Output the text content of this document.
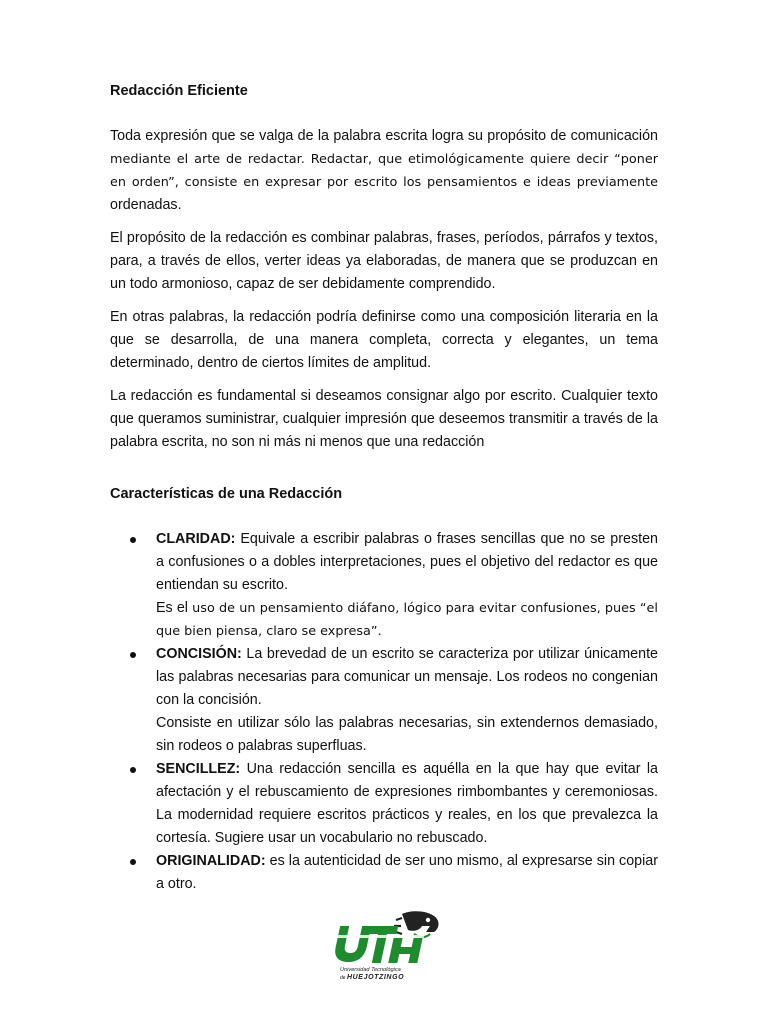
Redacción Eficiente

Toda expresión que se valga de la palabra escrita logra su propósito de comunicación mediante el arte de redactar. Redactar, que etimológicamente quiere decir “poner en orden”, consiste en expresar por escrito los pensamientos e ideas previamente ordenadas.

El propósito de la redacción es combinar palabras, frases, períodos, párrafos y textos, para, a través de ellos, verter ideas ya elaboradas, de manera que se produzcan en un todo armonioso, capaz de ser debidamente comprendido.

En otras palabras, la redacción podría definirse como una composición literaria en la que se desarrolla, de una manera completa, correcta y elegantes, un tema determinado, dentro de ciertos límites de amplitud.

La redacción es fundamental si deseamos consignar algo por escrito. Cualquier texto que queramos suministrar, cualquier impresión que deseemos transmitir a través de la palabra escrita, no son ni más ni menos que una redacción

Características de una Redacción
CLARIDAD: Equivale a escribir palabras o frases sencillas que no se presten a confusiones o a dobles interpretaciones, pues el objetivo del redactor es que entiendan su escrito.
Es el uso de un pensamiento diáfano, lógico para evitar confusiones, pues “el que bien piensa, claro se expresa”.
CONCISIÓN: La brevedad de un escrito se caracteriza por utilizar únicamente las palabras necesarias para comunicar un mensaje. Los rodeos no congenian con la concisión.
Consiste en utilizar sólo las palabras necesarias, sin extendernos demasiado, sin rodeos o palabras superfluas.
SENCILLEZ: Una redacción sencilla es aquélla en la que hay que evitar la afectación y el rebuscamiento de expresiones rimbombantes y ceremoniosas. La modernidad requiere escritos prácticos y reales, en los que prevalezca la cortesía. Sugiere usar un vocabulario no rebuscado.
ORIGINALIDAD: es la autenticidad de ser uno mismo, al expresarse sin copiar a otro.
Universidad Tecnológica
de HUEJOTZINGO
